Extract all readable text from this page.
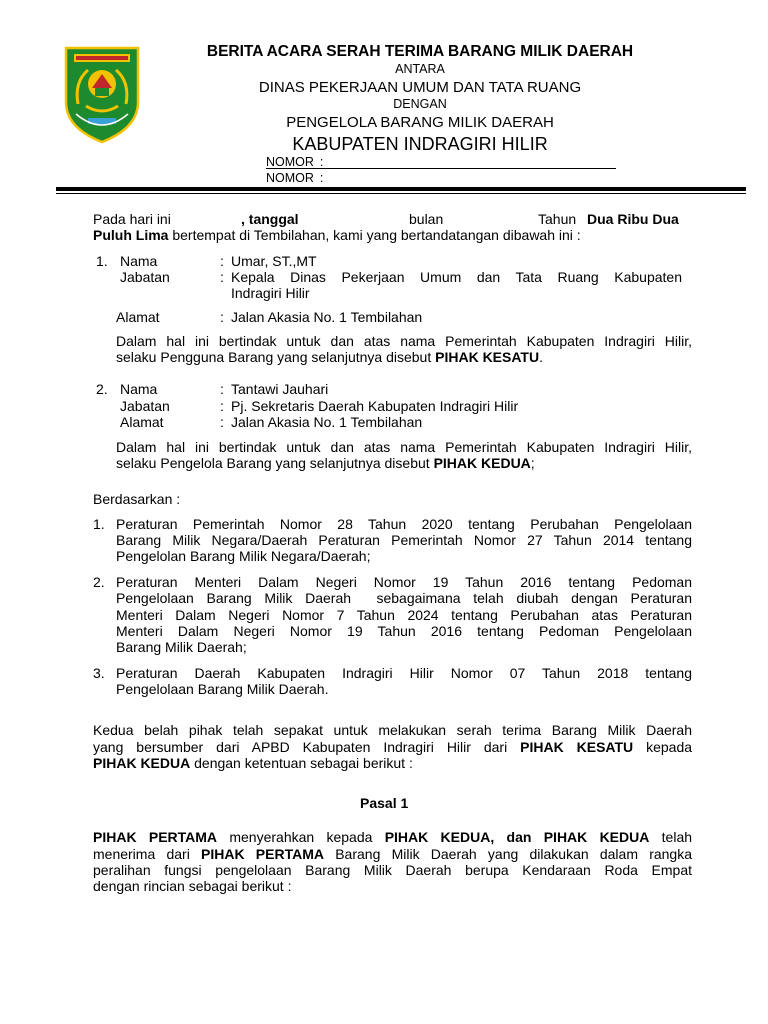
BERITA ACARA SERAH TERIMA BARANG MILIK DAERAH
ANTARA
DINAS PEKERJAAN UMUM DAN TATA RUANG
DENGAN
PENGELOLA BARANG MILIK DAERAH
KABUPATEN INDRAGIRI HILIR
NOMOR :
NOMOR :
Pada hari ini	, tanggal	bulan	Tahun Dua Ribu Dua
Puluh Lima bertempat di Tembilahan, kami yang bertandatangan dibawah ini :
1. Nama	: Umar, ST.,MT
Jabatan	: Kepala Dinas Pekerjaan Umum dan Tata Ruang Kabupaten
Indragiri Hilir
Alamat	: Jalan Akasia No. 1 Tembilahan
Dalam hal ini bertindak untuk dan atas nama Pemerintah Kabupaten Indragiri Hilir,
selaku Pengguna Barang yang selanjutnya disebut PIHAK KESATU.
2. Nama	: Tantawi Jauhari
Jabatan	: Pj. Sekretaris Daerah Kabupaten Indragiri Hilir
Alamat	: Jalan Akasia No. 1 Tembilahan
Dalam hal ini bertindak untuk dan atas nama Pemerintah Kabupaten Indragiri Hilir,
selaku Pengelola Barang yang selanjutnya disebut PIHAK KEDUA;
Berdasarkan :
1. Peraturan Pemerintah Nomor 28 Tahun 2020 tentang Perubahan Pengelolaan
Barang Milik Negara/Daerah Peraturan Pemerintah Nomor 27 Tahun 2014 tentang
Pengelolan Barang Milik Negara/Daerah;
2. Peraturan Menteri Dalam Negeri Nomor 19 Tahun 2016 tentang Pedoman
Pengelolaan Barang Milik Daerah  sebagaimana telah diubah dengan Peraturan
Menteri Dalam Negeri Nomor 7 Tahun 2024 tentang Perubahan atas Peraturan
Menteri Dalam Negeri Nomor 19 Tahun 2016 tentang Pedoman Pengelolaan
Barang Milik Daerah;
3. Peraturan Daerah Kabupaten Indragiri Hilir Nomor 07 Tahun 2018 tentang
Pengelolaan Barang Milik Daerah.
Kedua belah pihak telah sepakat untuk melakukan serah terima Barang Milik Daerah
yang bersumber dari APBD Kabupaten Indragiri Hilir dari PIHAK KESATU kepada
PIHAK KEDUA dengan ketentuan sebagai berikut :
Pasal 1
PIHAK PERTAMA menyerahkan kepada PIHAK KEDUA, dan PIHAK KEDUA telah
menerima dari PIHAK PERTAMA Barang Milik Daerah yang dilakukan dalam rangka
peralihan fungsi pengelolaan Barang Milik Daerah berupa Kendaraan Roda Empat
dengan rincian sebagai berikut :
